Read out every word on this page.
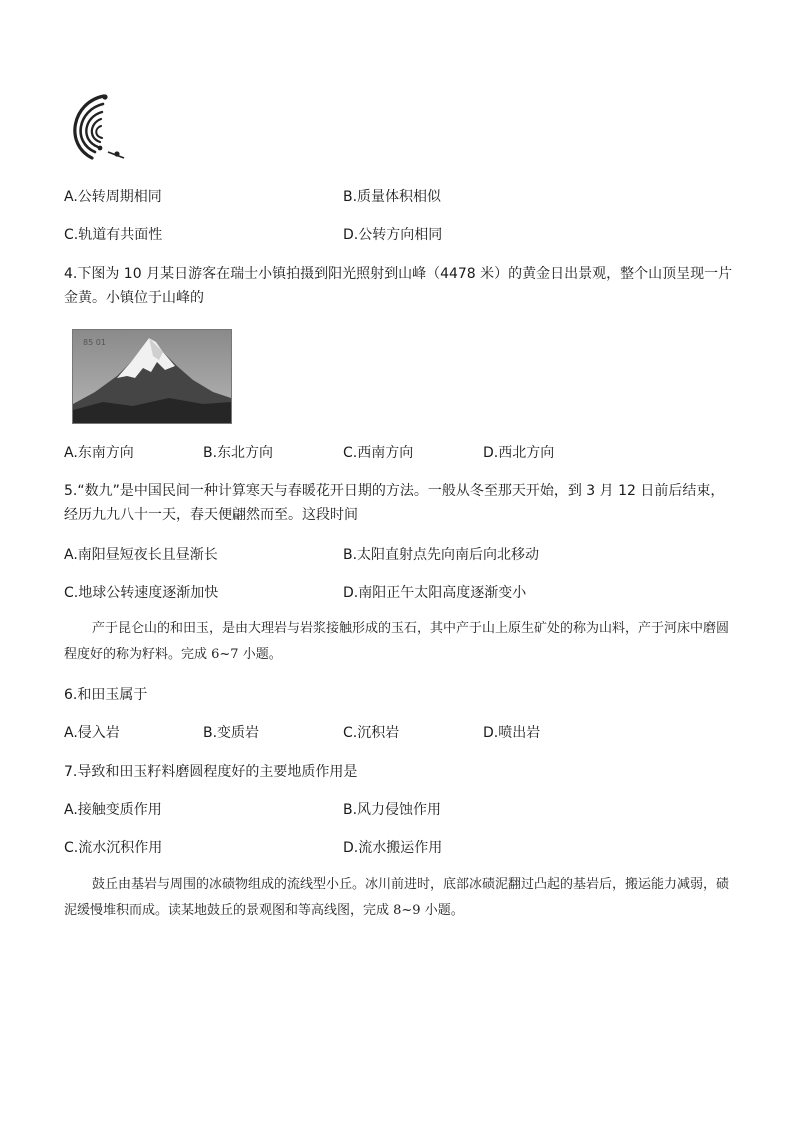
A.公转周期相同	B.质量体积相似
C.轨道有共面性	D.公转方向相同
4.下图为 10 月某日游客在瑞士小镇拍摄到阳光照射到山峰（4478 米）的黄金日出景观，整个山顶呈现一片金黄。小镇位于山峰的
85 01
A.东南方向	B.东北方向	C.西南方向	D.西北方向
5.“数九”是中国民间一种计算寒天与春暖花开日期的方法。一般从冬至那天开始，到 3 月 12 日前后结束，经历九九八十一天，春天便翩然而至。这段时间
A.南阳昼短夜长且昼渐长	B.太阳直射点先向南后向北移动
C.地球公转速度逐渐加快	D.南阳正午太阳高度逐渐变小
产于昆仑山的和田玉，是由大理岩与岩浆接触形成的玉石，其中产于山上原生矿处的称为山料，产于河床中磨圆程度好的称为籽料。完成 6~7 小题。
6.和田玉属于
A.侵入岩	B.变质岩	C.沉积岩	D.喷出岩
7.导致和田玉籽料磨圆程度好的主要地质作用是
A.接触变质作用	B.风力侵蚀作用
C.流水沉积作用	D.流水搬运作用
鼓丘由基岩与周围的冰碛物组成的流线型小丘。冰川前进时，底部冰碛泥翻过凸起的基岩后，搬运能力减弱，碛泥缓慢堆积而成。读某地鼓丘的景观图和等高线图，完成 8~9 小题。
